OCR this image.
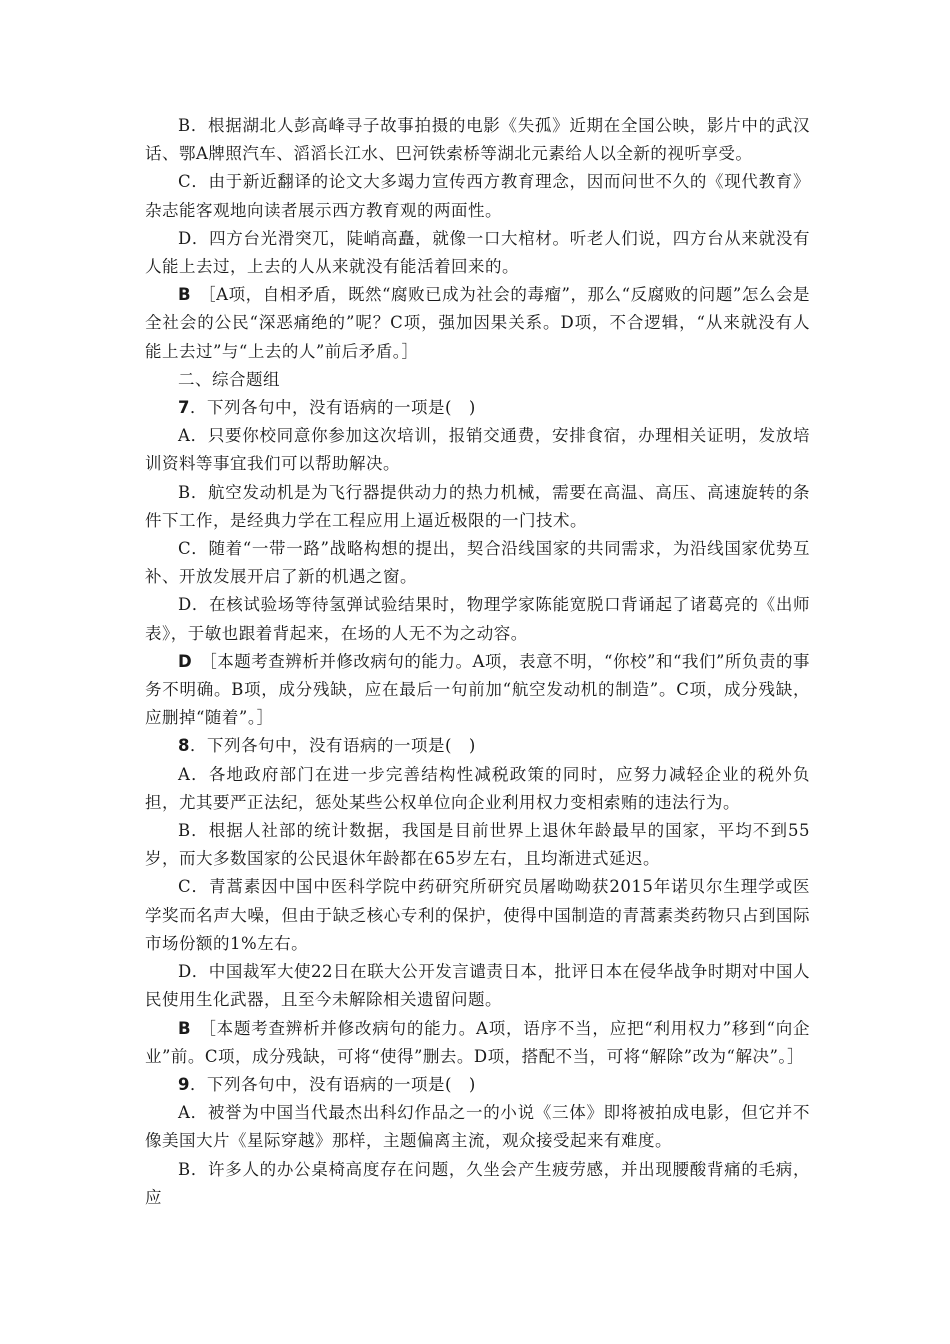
B．根据湖北人彭高峰寻子故事拍摄的电影《失孤》近期在全国公映，影片中的武汉话、鄂A牌照汽车、滔滔长江水、巴河铁索桥等湖北元素给人以全新的视听享受。

C．由于新近翻译的论文大多竭力宣传西方教育理念，因而问世不久的《现代教育》杂志能客观地向读者展示西方教育观的两面性。

D．四方台光滑突兀，陡峭高矗，就像一口大棺材。听老人们说，四方台从来就没有人能上去过，上去的人从来就没有能活着回来的。

B ［A项，自相矛盾，既然“腐败已成为社会的毒瘤”，那么“反腐败的问题”怎么会是全社会的公民“深恶痛绝的”呢？C项，强加因果关系。D项，不合逻辑，“从来就没有人能上去过”与“上去的人”前后矛盾。］

二、综合题组

7．下列各句中，没有语病的一项是(　)

A．只要你校同意你参加这次培训，报销交通费，安排食宿，办理相关证明，发放培训资料等事宜我们可以帮助解决。

B．航空发动机是为飞行器提供动力的热力机械，需要在高温、高压、高速旋转的条件下工作，是经典力学在工程应用上逼近极限的一门技术。

C．随着“一带一路”战略构想的提出，契合沿线国家的共同需求，为沿线国家优势互补、开放发展开启了新的机遇之窗。

D．在核试验场等待氢弹试验结果时，物理学家陈能宽脱口背诵起了诸葛亮的《出师表》，于敏也跟着背起来，在场的人无不为之动容。

D ［本题考查辨析并修改病句的能力。A项，表意不明，“你校”和“我们”所负责的事务不明确。B项，成分残缺，应在最后一句前加“航空发动机的制造”。C项，成分残缺，应删掉“随着”。］

8．下列各句中，没有语病的一项是(　)

A．各地政府部门在进一步完善结构性减税政策的同时，应努力减轻企业的税外负担，尤其要严正法纪，惩处某些公权单位向企业利用权力变相索贿的违法行为。

B．根据人社部的统计数据，我国是目前世界上退休年龄最早的国家，平均不到55岁，而大多数国家的公民退休年龄都在65岁左右，且均渐进式延迟。

C．青蒿素因中国中医科学院中药研究所研究员屠呦呦获2015年诺贝尔生理学或医学奖而名声大噪，但由于缺乏核心专利的保护，使得中国制造的青蒿素类药物只占到国际市场份额的1%左右。

D．中国裁军大使22日在联大公开发言谴责日本，批评日本在侵华战争时期对中国人民使用生化武器，且至今未解除相关遗留问题。

B ［本题考查辨析并修改病句的能力。A项，语序不当，应把“利用权力”移到“向企业”前。C项，成分残缺，可将“使得”删去。D项，搭配不当，可将“解除”改为“解决”。］

9．下列各句中，没有语病的一项是(　)

A．被誉为中国当代最杰出科幻作品之一的小说《三体》即将被拍成电影，但它并不像美国大片《星际穿越》那样，主题偏离主流，观众接受起来有难度。

B．许多人的办公桌椅高度存在问题，久坐会产生疲劳感，并出现腰酸背痛的毛病，应
